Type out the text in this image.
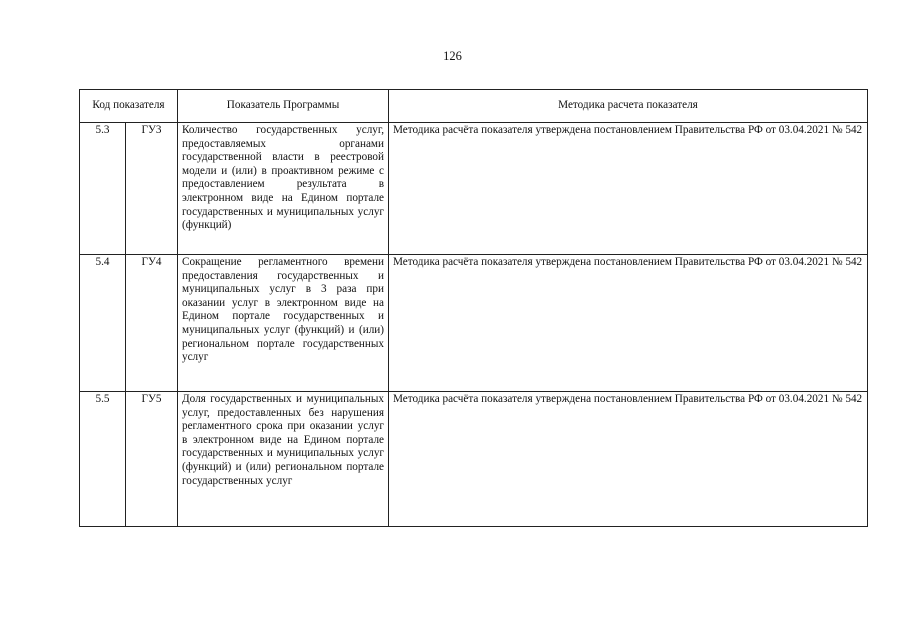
126
Код показателя		Показатель Программы	Методика расчета показателя
5.3	ГУ3	Количество государственных услуг, предоставляемых органами государственной власти в реестровой модели и (или) в проактивном режиме с предоставлением результата в электронном виде на Едином портале государственных и муниципальных услуг (функций)	Методика расчёта показателя утверждена постановлением Правительства РФ от 03.04.2021 № 542
5.4	ГУ4	Сокращение регламентного времени предоставления государственных и муниципальных услуг в 3 раза при оказании услуг в электронном виде на Едином портале государственных и муниципальных услуг (функций) и (или) региональном портале государственных услуг	Методика расчёта показателя утверждена постановлением Правительства РФ от 03.04.2021 № 542
5.5	ГУ5	Доля государственных и муниципальных услуг, предоставленных без нарушения регламентного срока при оказании услуг в электронном виде на Едином портале государственных и муниципальных услуг (функций) и (или) региональном портале государственных услуг	Методика расчёта показателя утверждена постановлением Правительства РФ от 03.04.2021 № 542
